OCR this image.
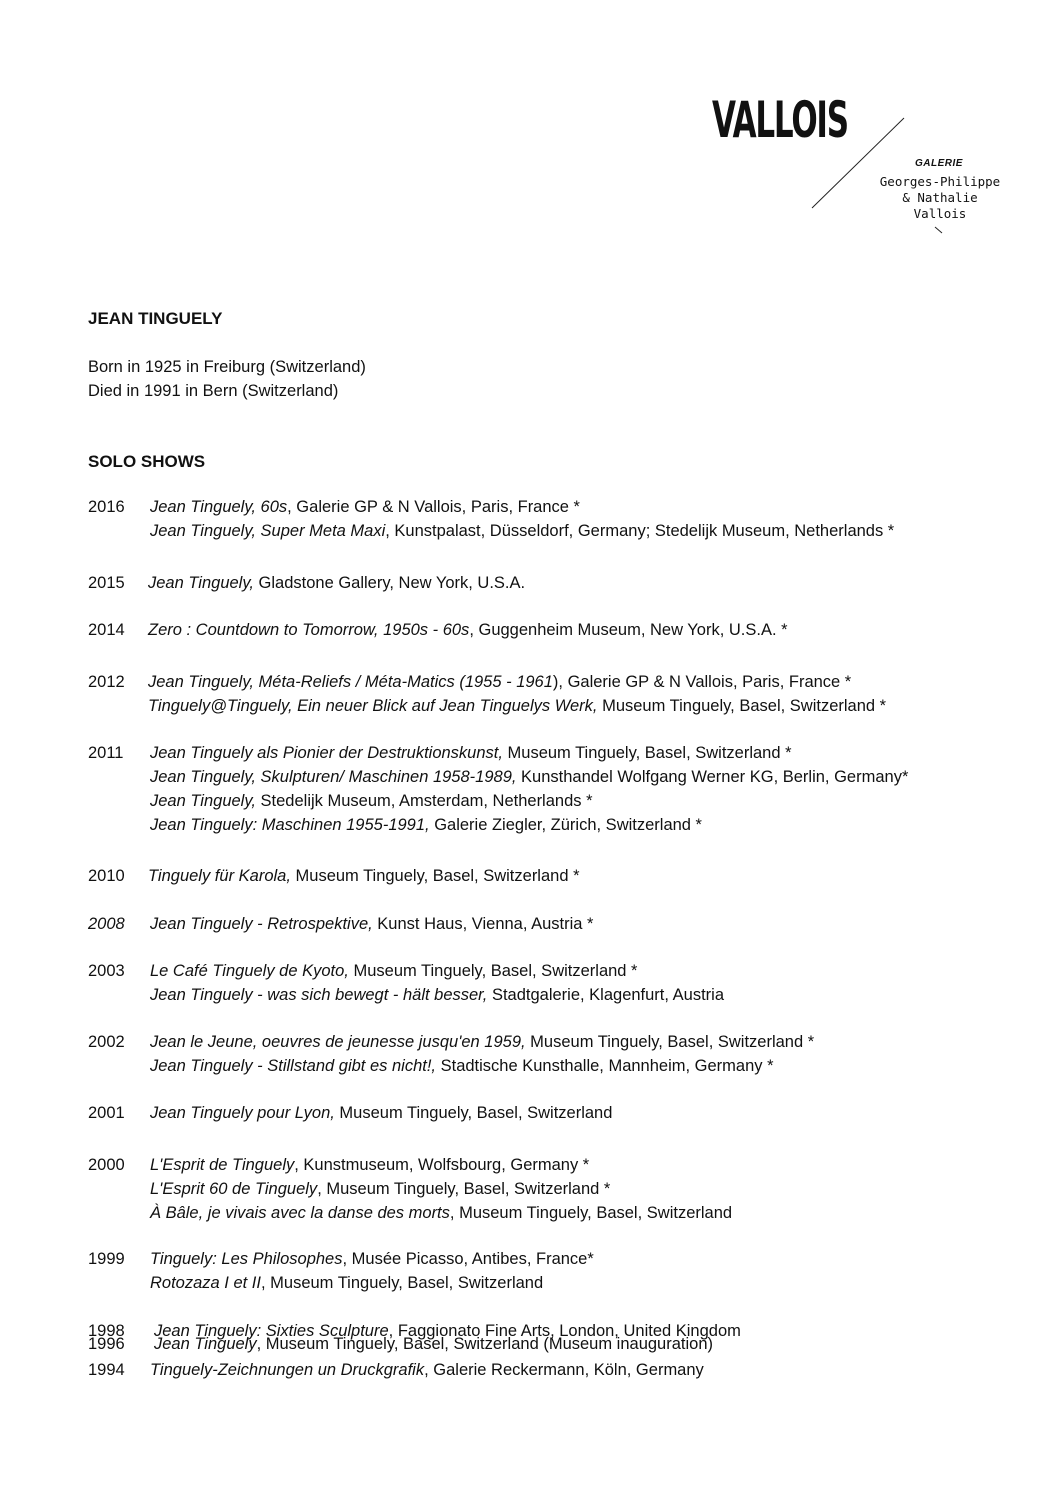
VALLOIS
GALERIE
Georges-Philippe
& Nathalie
Vallois
JEAN TINGUELY
Born in 1925 in Freiburg (Switzerland)
Died in 1991 in Bern (Switzerland)
SOLO SHOWS
2016 Jean Tinguely, 60s, Galerie GP & N Vallois, Paris, France *
Jean Tinguely, Super Meta Maxi, Kunstpalast, Düsseldorf, Germany; Stedelijk Museum, Netherlands *
2015 Jean Tinguely, Gladstone Gallery, New York, U.S.A.
2014 Zero : Countdown to Tomorrow, 1950s - 60s, Guggenheim Museum, New York, U.S.A. *
2012 Jean Tinguely, Méta-Reliefs / Méta-Matics (1955 - 1961), Galerie GP & N Vallois, Paris, France *
Tinguely@Tinguely, Ein neuer Blick auf Jean Tinguelys Werk, Museum Tinguely, Basel, Switzerland *
2011 Jean Tinguely als Pionier der Destruktionskunst, Museum Tinguely, Basel, Switzerland *
Jean Tinguely, Skulpturen/ Maschinen 1958-1989, Kunsthandel Wolfgang Werner KG, Berlin, Germany*
Jean Tinguely, Stedelijk Museum, Amsterdam, Netherlands *
Jean Tinguely: Maschinen 1955-1991, Galerie Ziegler, Zürich, Switzerland *
2010 Tinguely für Karola, Museum Tinguely, Basel, Switzerland *
2008 Jean Tinguely - Retrospektive, Kunst Haus, Vienna, Austria *
2003 Le Café Tinguely de Kyoto, Museum Tinguely, Basel, Switzerland *
Jean Tinguely - was sich bewegt - hält besser, Stadtgalerie, Klagenfurt, Austria
2002 Jean le Jeune, oeuvres de jeunesse jusqu'en 1959, Museum Tinguely, Basel, Switzerland *
Jean Tinguely - Stillstand gibt es nicht!, Stadtische Kunsthalle, Mannheim, Germany *
2001 Jean Tinguely pour Lyon, Museum Tinguely, Basel, Switzerland
2000 L'Esprit de Tinguely, Kunstmuseum, Wolfsbourg, Germany *
L'Esprit 60 de Tinguely, Museum Tinguely, Basel, Switzerland *
À Bâle, je vivais avec la danse des morts, Museum Tinguely, Basel, Switzerland
1999 Tinguely: Les Philosophes, Musée Picasso, Antibes, France*
Rotozaza I et II, Museum Tinguely, Basel, Switzerland
1998 Jean Tinguely: Sixties Sculpture, Faggionato Fine Arts, London, United Kingdom
1996 Jean Tinguely, Museum Tinguely, Basel, Switzerland (Museum inauguration)
1994 Tinguely-Zeichnungen un Druckgrafik, Galerie Reckermann, Köln, Germany
